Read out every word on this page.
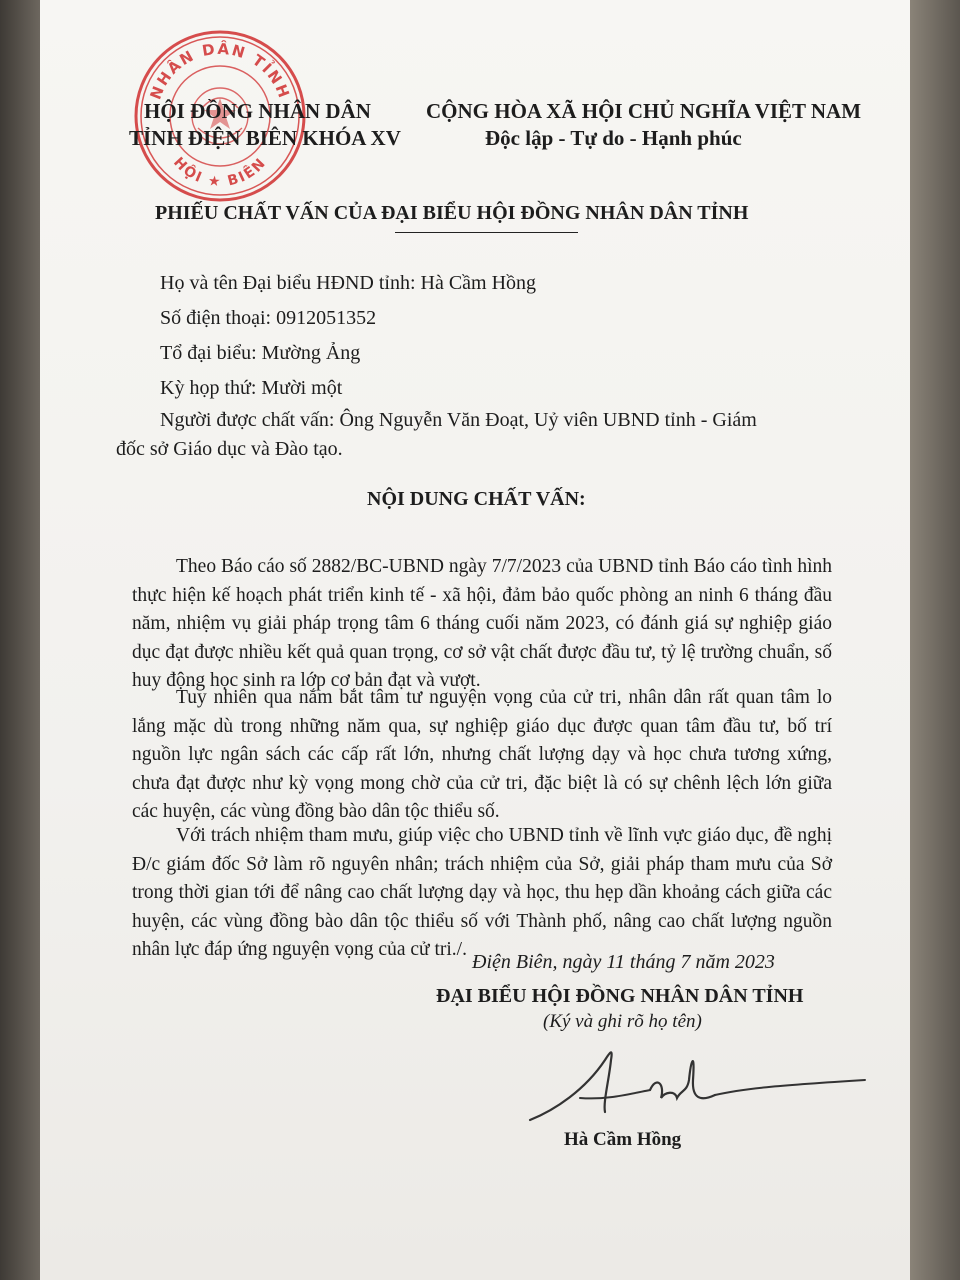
NHÂN DÂN TỈNH
HỘI ★ BIÊN
HỘI ĐỒNG NHÂN DÂN
TỈNH ĐIỆN BIÊN KHÓA XV
CỘNG HÒA XÃ HỘI CHỦ NGHĨA VIỆT NAM
Độc lập - Tự do - Hạnh phúc
PHIẾU CHẤT VẤN CỦA ĐẠI BIỂU HỘI ĐỒNG NHÂN DÂN TỈNH
Họ và tên Đại biểu HĐND tỉnh: Hà Cầm Hồng
Số điện thoại: 0912051352
Tổ đại biểu: Mường Ảng
Kỳ họp thứ: Mười một
Người được chất vấn: Ông Nguyễn Văn Đoạt, Uỷ viên UBND tỉnh - Giám
đốc sở Giáo dục và Đào tạo.
NỘI DUNG CHẤT VẤN:
Theo Báo cáo số 2882/BC-UBND ngày 7/7/2023 của UBND tỉnh Báo cáo tình hình thực hiện kế hoạch phát triển kinh tế - xã hội, đảm bảo quốc phòng an ninh 6 tháng đầu năm, nhiệm vụ giải pháp trọng tâm 6 tháng cuối năm 2023, có đánh giá sự nghiệp giáo dục đạt được nhiều kết quả quan trọng, cơ sở vật chất được đầu tư, tỷ lệ trường chuẩn, số huy động học sinh ra lớp cơ bản đạt và vượt.
Tuy nhiên qua nắm bắt tâm tư nguyện vọng của cử tri, nhân dân rất quan tâm lo lắng mặc dù trong những năm qua, sự nghiệp giáo dục được quan tâm đầu tư, bố trí nguồn lực ngân sách các cấp rất lớn, nhưng chất lượng dạy và học chưa tương xứng, chưa đạt được như kỳ vọng mong chờ của cử tri, đặc biệt là có sự chênh lệch lớn giữa các huyện, các vùng đồng bào dân tộc thiểu số.
Với trách nhiệm tham mưu, giúp việc cho UBND tỉnh về lĩnh vực giáo dục, đề nghị Đ/c giám đốc Sở làm rõ nguyên nhân; trách nhiệm của Sở, giải pháp tham mưu của Sở trong thời gian tới để nâng cao chất lượng dạy và học, thu hẹp dần khoảng cách giữa các huyện, các vùng đồng bào dân tộc thiểu số với Thành phố, nâng cao chất lượng nguồn nhân lực đáp ứng nguyện vọng của cử tri./.
Điện Biên, ngày 11 tháng 7 năm 2023
ĐẠI BIỂU HỘI ĐỒNG NHÂN DÂN TỈNH
(Ký và ghi rõ họ tên)
Hà Cầm Hồng
